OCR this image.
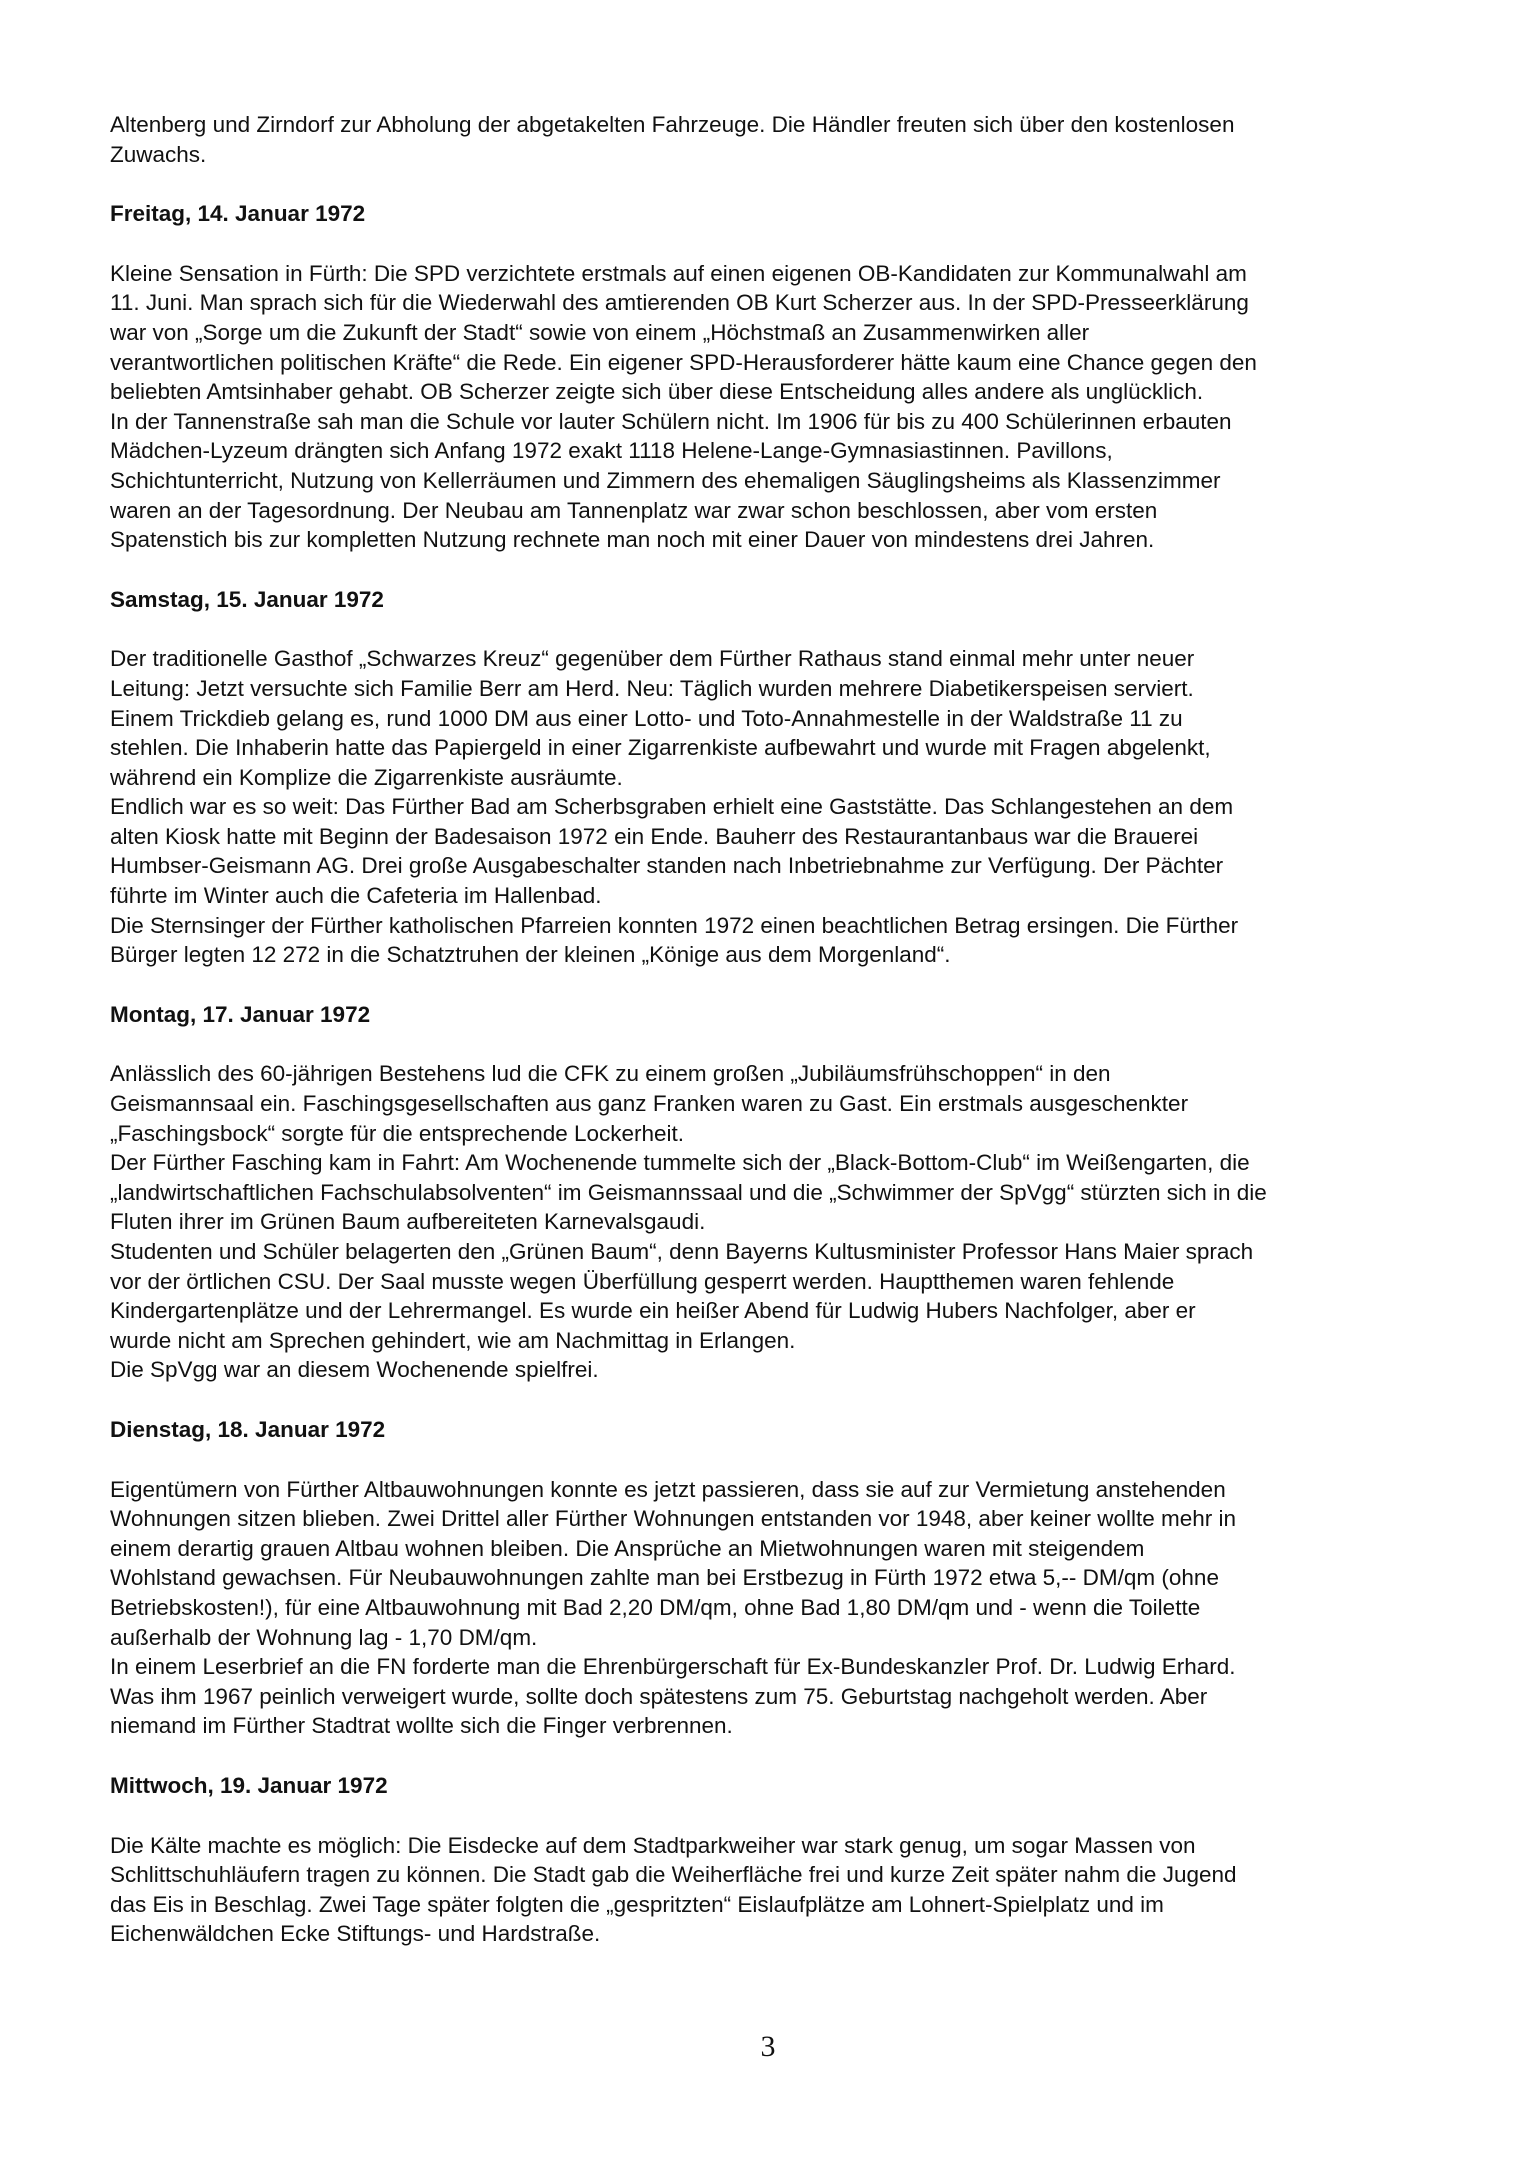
Altenberg und Zirndorf zur Abholung der abgetakelten Fahrzeuge. Die Händler freuten sich über den kostenlosen
Zuwachs.

Freitag, 14. Januar 1972

Kleine Sensation in Fürth: Die SPD verzichtete erstmals auf einen eigenen OB-Kandidaten zur Kommunalwahl am
11. Juni. Man sprach sich für die Wiederwahl des amtierenden OB Kurt Scherzer aus. In der SPD-Presseerklärung
war von „Sorge um die Zukunft der Stadt“ sowie von einem „Höchstmaß an Zusammenwirken aller
verantwortlichen politischen Kräfte“ die Rede. Ein eigener SPD-Herausforderer hätte kaum eine Chance gegen den
beliebten Amtsinhaber gehabt. OB Scherzer zeigte sich über diese Entscheidung alles andere als unglücklich.
In der Tannenstraße sah man die Schule vor lauter Schülern nicht. Im 1906 für bis zu 400 Schülerinnen erbauten
Mädchen-Lyzeum drängten sich Anfang 1972 exakt 1118 Helene-Lange-Gymnasiastinnen. Pavillons,
Schichtunterricht, Nutzung von Kellerräumen und Zimmern des ehemaligen Säuglingsheims als Klassenzimmer
waren an der Tagesordnung. Der Neubau am Tannenplatz war zwar schon beschlossen, aber vom ersten
Spatenstich bis zur kompletten Nutzung rechnete man noch mit einer Dauer von mindestens drei Jahren.

Samstag, 15. Januar 1972

Der traditionelle Gasthof „Schwarzes Kreuz“ gegenüber dem Fürther Rathaus stand einmal mehr unter neuer
Leitung: Jetzt versuchte sich Familie Berr am Herd. Neu: Täglich wurden mehrere Diabetikerspeisen serviert.
Einem Trickdieb gelang es, rund 1000 DM aus einer Lotto- und Toto-Annahmestelle in der Waldstraße 11 zu
stehlen. Die Inhaberin hatte das Papiergeld in einer Zigarrenkiste aufbewahrt und wurde mit Fragen abgelenkt,
während ein Komplize die Zigarrenkiste ausräumte.
Endlich war es so weit: Das Fürther Bad am Scherbsgraben erhielt eine Gaststätte. Das Schlangestehen an dem
alten Kiosk hatte mit Beginn der Badesaison 1972 ein Ende. Bauherr des Restaurantanbaus war die Brauerei
Humbser-Geismann AG. Drei große Ausgabeschalter standen nach Inbetriebnahme zur Verfügung. Der Pächter
führte im Winter auch die Cafeteria im Hallenbad.
Die Sternsinger der Fürther katholischen Pfarreien konnten 1972 einen beachtlichen Betrag ersingen. Die Fürther
Bürger legten 12 272 in die Schatztruhen der kleinen „Könige aus dem Morgenland“.

Montag, 17. Januar 1972

Anlässlich des 60-jährigen Bestehens lud die CFK zu einem großen „Jubiläumsfrühschoppen“ in den
Geismannsaal ein. Faschingsgesellschaften aus ganz Franken waren zu Gast. Ein erstmals ausgeschenkter
„Faschingsbock“ sorgte für die entsprechende Lockerheit.
Der Fürther Fasching kam in Fahrt: Am Wochenende tummelte sich der „Black-Bottom-Club“ im Weißengarten, die
„landwirtschaftlichen Fachschulabsolventen“ im Geismannssaal und die „Schwimmer der SpVgg“ stürzten sich in die
Fluten ihrer im Grünen Baum aufbereiteten Karnevalsgaudi.
Studenten und Schüler belagerten den „Grünen Baum“, denn Bayerns Kultusminister Professor Hans Maier sprach
vor der örtlichen CSU. Der Saal musste wegen Überfüllung gesperrt werden. Hauptthemen waren fehlende
Kindergartenplätze und der Lehrermangel. Es wurde ein heißer Abend für Ludwig Hubers Nachfolger, aber er
wurde nicht am Sprechen gehindert, wie am Nachmittag in Erlangen.
Die SpVgg war an diesem Wochenende spielfrei.

Dienstag, 18. Januar 1972

Eigentümern von Fürther Altbauwohnungen konnte es jetzt passieren, dass sie auf zur Vermietung anstehenden
Wohnungen sitzen blieben. Zwei Drittel aller Fürther Wohnungen entstanden vor 1948, aber keiner wollte mehr in
einem derartig grauen Altbau wohnen bleiben. Die Ansprüche an Mietwohnungen waren mit steigendem
Wohlstand gewachsen. Für Neubauwohnungen zahlte man bei Erstbezug in Fürth 1972 etwa 5,-- DM/qm (ohne
Betriebskosten!), für eine Altbauwohnung mit Bad 2,20 DM/qm, ohne Bad 1,80 DM/qm und - wenn die Toilette
außerhalb der Wohnung lag - 1,70 DM/qm.
In einem Leserbrief an die FN forderte man die Ehrenbürgerschaft für Ex-Bundeskanzler Prof. Dr. Ludwig Erhard.
Was ihm 1967 peinlich verweigert wurde, sollte doch spätestens zum 75. Geburtstag nachgeholt werden. Aber
niemand im Fürther Stadtrat wollte sich die Finger verbrennen.

Mittwoch, 19. Januar 1972

Die Kälte machte es möglich: Die Eisdecke auf dem Stadtparkweiher war stark genug, um sogar Massen von
Schlittschuhläufern tragen zu können. Die Stadt gab die Weiherfläche frei und kurze Zeit später nahm die Jugend
das Eis in Beschlag. Zwei Tage später folgten die „gespritzten“ Eislaufplätze am Lohnert-Spielplatz und im
Eichenwäldchen Ecke Stiftungs- und Hardstraße.

3
